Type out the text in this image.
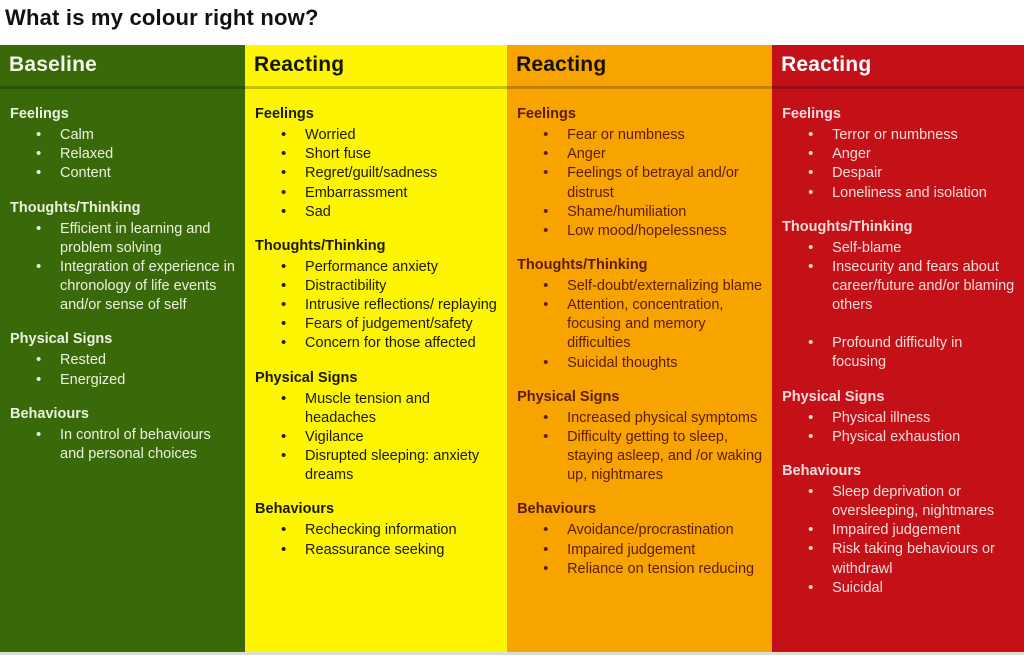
What is my colour right now?
Baseline
Feelings
• Calm
• Relaxed
• Content
Thoughts/Thinking
• Efficient in learning and problem solving
• Integration of experience in chronology of life events and/or sense of self
Physical Signs
• Rested
• Energized
Behaviours
• In control of behaviours and personal choices
Reacting
Feelings
• Worried
• Short fuse
• Regret/guilt/sadness
• Embarrassment
• Sad
Thoughts/Thinking
• Performance anxiety
• Distractibility
• Intrusive reflections/ replaying
• Fears of judgement/safety
• Concern for those affected
Physical Signs
• Muscle tension and headaches
• Vigilance
• Disrupted sleeping: anxiety dreams
Behaviours
• Rechecking information
• Reassurance seeking
Reacting
Feelings
• Fear or numbness
• Anger
• Feelings of betrayal and/or distrust
• Shame/humiliation
• Low mood/hopelessness
Thoughts/Thinking
• Self-doubt/externalizing blame
• Attention, concentration, focusing and memory difficulties
• Suicidal thoughts
Physical Signs
• Increased physical symptoms
• Difficulty getting to sleep, staying asleep, and /or waking up, nightmares
Behaviours
• Avoidance/procrastination
• Impaired judgement
• Reliance on tension reducing
Reacting
Feelings
• Terror or numbness
• Anger
• Despair
• Loneliness and isolation
Thoughts/Thinking
• Self-blame
• Insecurity and fears about career/future and/or blaming others
• Profound difficulty in focusing
Physical Signs
• Physical illness
• Physical exhaustion
Behaviours
• Sleep deprivation or oversleeping, nightmares
• Impaired judgement
• Risk taking behaviours or withdrawl
• Suicidal
